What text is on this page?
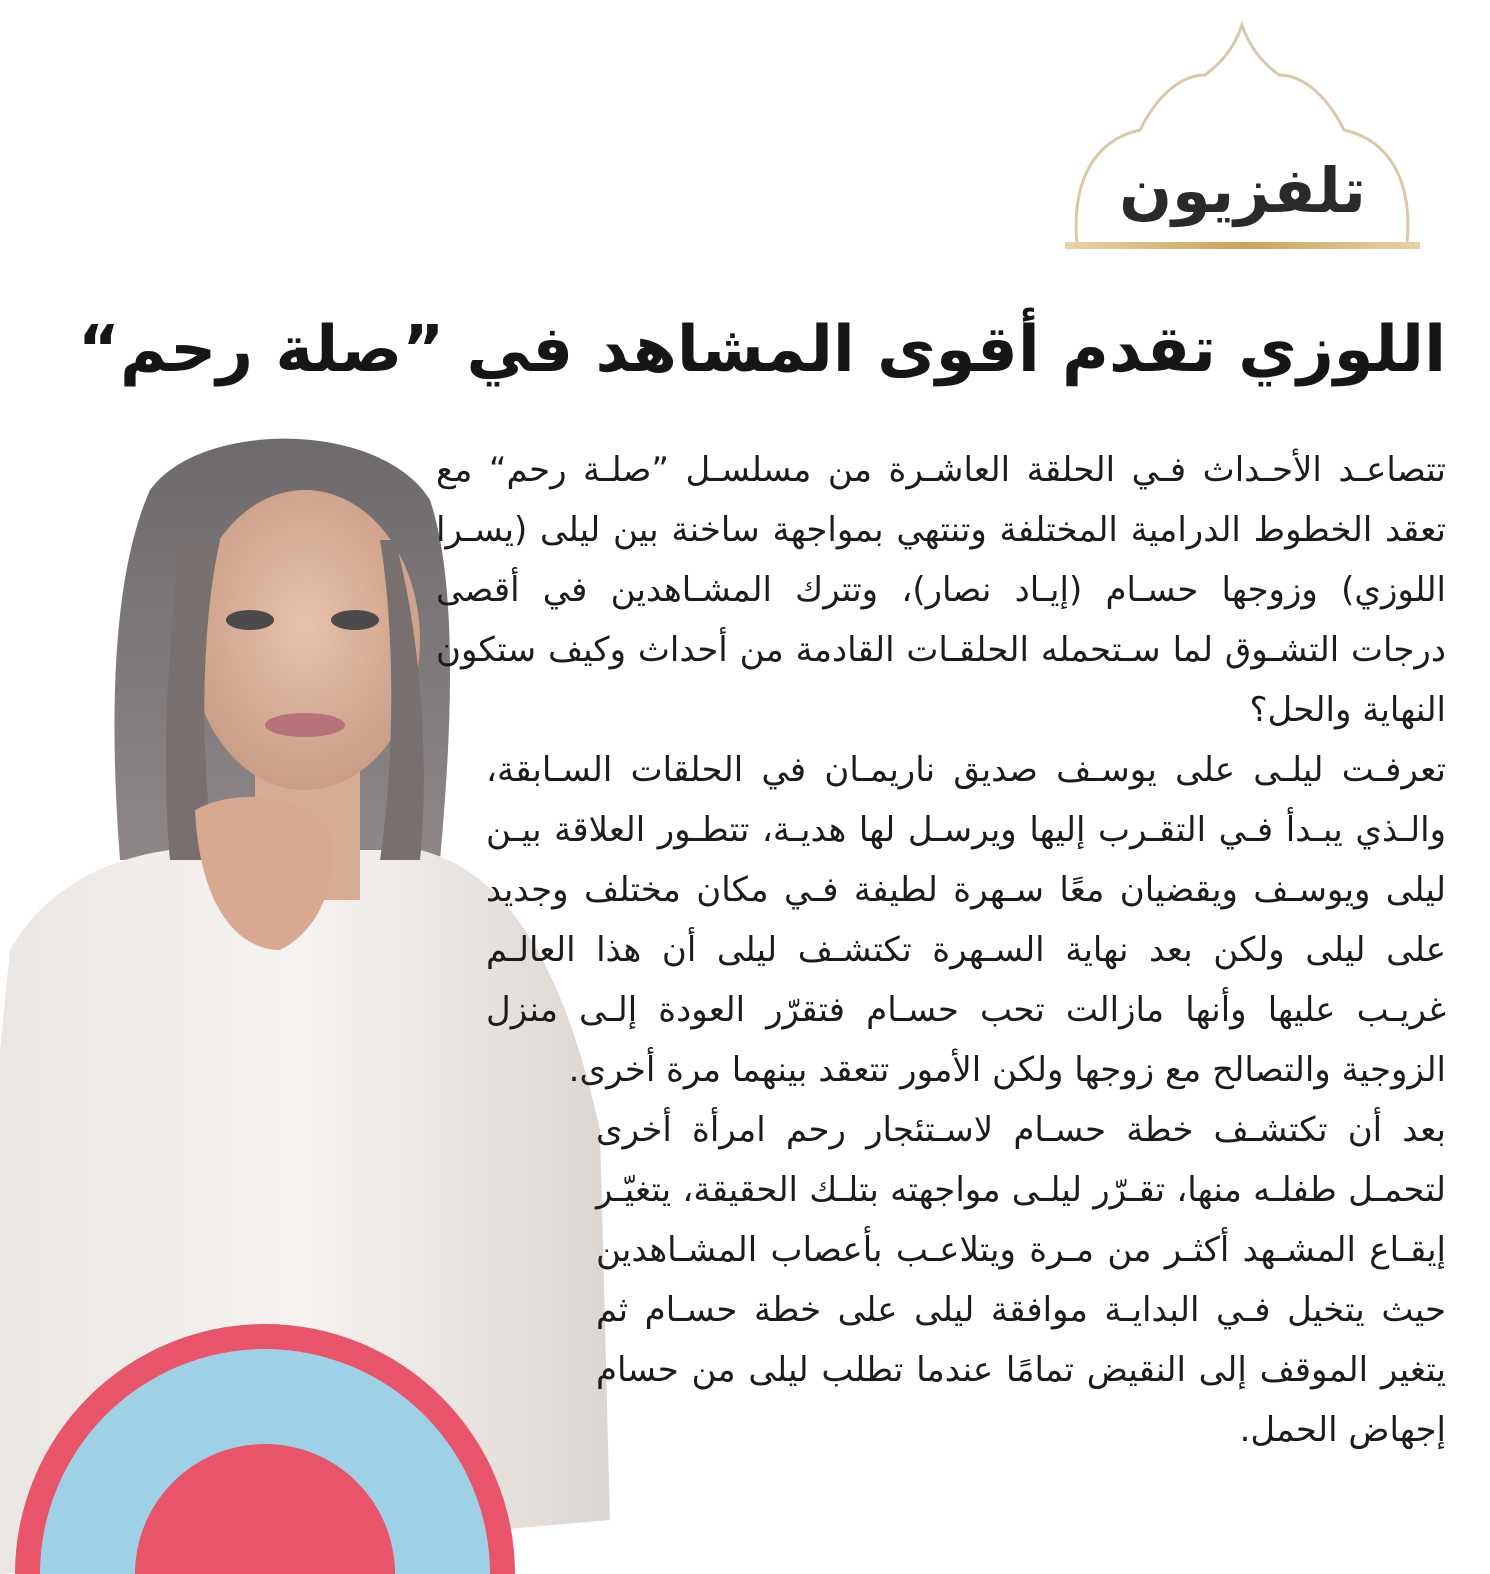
تلفزيون
اللوزي تقدم أقوى المشاهد في ”صلة رحم“

تتصاعـد الأحـداث فـي الحلقة العاشـرة من مسلسـل ”صلـة رحم“ مع تعقد الخطوط الدرامية المختلفة وتنتهي بمواجهة ساخنة بين ليلى (يسـرا اللوزي) وزوجها حسـام (إيـاد نصار)، وتترك المشـاهدين في أقصى درجات التشـوق لما سـتحمله الحلقـات القادمة من أحداث وكيف ستكون النهاية والحل؟

تعرفـت ليلـى على يوسـف صديق ناريمـان في الحلقات السـابقة، والـذي يبـدأ فـي التقـرب إليها ويرسـل لها هديـة، تتطـور العلاقة بيـن ليلى ويوسـف ويقضيان معًا سـهرة لطيفة فـي مكان مختلف وجديد على ليلى ولكن بعد نهاية السـهرة تكتشـف ليلى أن هذا العالـم غريـب عليها وأنها مازالت تحب حسـام فتقرّر العودة إلـى منزل الزوجية والتصالح مع زوجها ولكن الأمور تتعقد بينهما مرة أخرى.

بعد أن تكتشـف خطة حسـام لاسـتئجار رحم امرأة أخرى لتحمـل طفلـه منها، تقـرّر ليلـى مواجهته بتلـك الحقيقة، يتغيّـر إيقـاع المشـهد أكثـر من مـرة ويتلاعـب بأعصاب المشـاهدين حيث يتخيل فـي البدايـة موافقة ليلى على خطة حسـام ثم يتغير الموقف إلى النقيض تمامًا عندما تطلب ليلى من حسام إجهاض الحمل.
